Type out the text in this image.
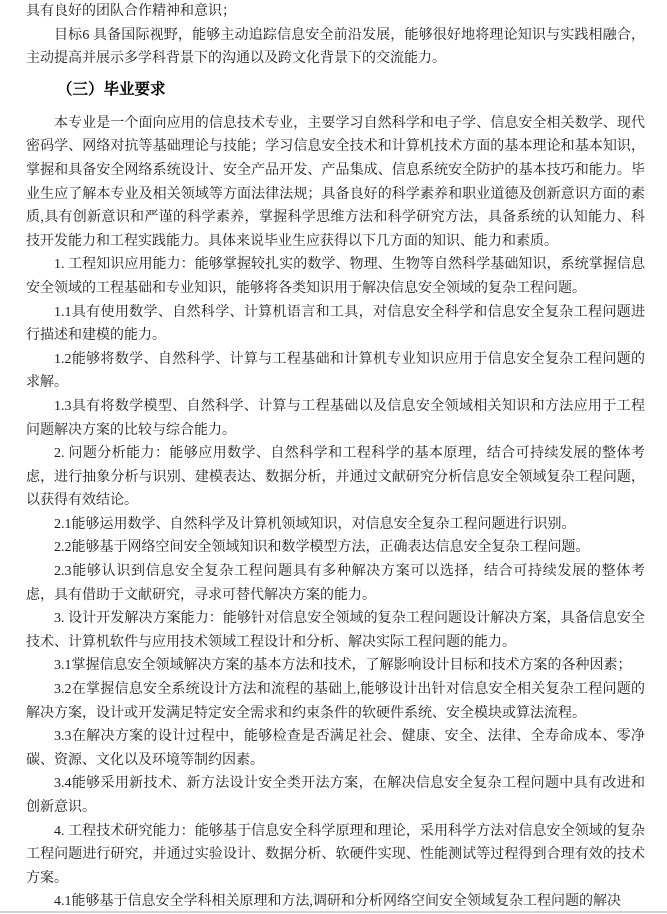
具有良好的团队合作精神和意识；

目标6 具备国际视野，能够主动追踪信息安全前沿发展，能够很好地将理论知识与实践相融合，主动提高并展示多学科背景下的沟通以及跨文化背景下的交流能力。

（三）毕业要求

本专业是一个面向应用的信息技术专业，主要学习自然科学和电子学、信息安全相关数学、现代密码学、网络对抗等基础理论与技能；学习信息安全技术和计算机技术方面的基本理论和基本知识，掌握和具备安全网络系统设计、安全产品开发、产品集成、信息系统安全防护的基本技巧和能力。毕业生应了解本专业及相关领域等方面法律法规；具备良好的科学素养和职业道德及创新意识方面的素质,具有创新意识和严谨的科学素养，掌握科学思维方法和科学研究方法，具备系统的认知能力、科技开发能力和工程实践能力。具体来说毕业生应获得以下几方面的知识、能力和素质。

1. 工程知识应用能力：能够掌握较扎实的数学、物理、生物等自然科学基础知识，系统掌握信息安全领域的工程基础和专业知识，能够将各类知识用于解决信息安全领域的复杂工程问题。

1.1具有使用数学、自然科学、计算机语言和工具，对信息安全科学和信息安全复杂工程问题进行描述和建模的能力。

1.2能够将数学、自然科学、计算与工程基础和计算机专业知识应用于信息安全复杂工程问题的求解。

1.3具有将数学模型、自然科学、计算与工程基础以及信息安全领域相关知识和方法应用于工程问题解决方案的比较与综合能力。

2. 问题分析能力：能够应用数学、自然科学和工程科学的基本原理，结合可持续发展的整体考虑，进行抽象分析与识别、建模表达、数据分析，并通过文献研究分析信息安全领域复杂工程问题，以获得有效结论。

2.1能够运用数学、自然科学及计算机领域知识，对信息安全复杂工程问题进行识别。

2.2能够基于网络空间安全领域知识和数学模型方法，正确表达信息安全复杂工程问题。

2.3能够认识到信息安全复杂工程问题具有多种解决方案可以选择，结合可持续发展的整体考虑，具有借助于文献研究，寻求可替代解决方案的能力。

3. 设计开发解决方案能力：能够针对信息安全领域的复杂工程问题设计解决方案，具备信息安全技术、计算机软件与应用技术领域工程设计和分析、解决实际工程问题的能力。

3.1掌握信息安全领域解决方案的基本方法和技术，了解影响设计目标和技术方案的各种因素；

3.2在掌握信息安全系统设计方法和流程的基础上,能够设计出针对信息安全相关复杂工程问题的解决方案，设计或开发满足特定安全需求和约束条件的软硬件系统、安全模块或算法流程。

3.3在解决方案的设计过程中，能够检查是否满足社会、健康、安全、法律、全寿命成本、零净碳、资源、文化以及环境等制约因素。

3.4能够采用新技术、新方法设计安全类开法方案，在解决信息安全复杂工程问题中具有改进和创新意识。

4. 工程技术研究能力：能够基于信息安全科学原理和理论，采用科学方法对信息安全领域的复杂工程问题进行研究，并通过实验设计、数据分析、软硬件实现、性能测试等过程得到合理有效的技术方案。

4.1能够基于信息安全学科相关原理和方法,调研和分析网络空间安全领域复杂工程问题的解决
